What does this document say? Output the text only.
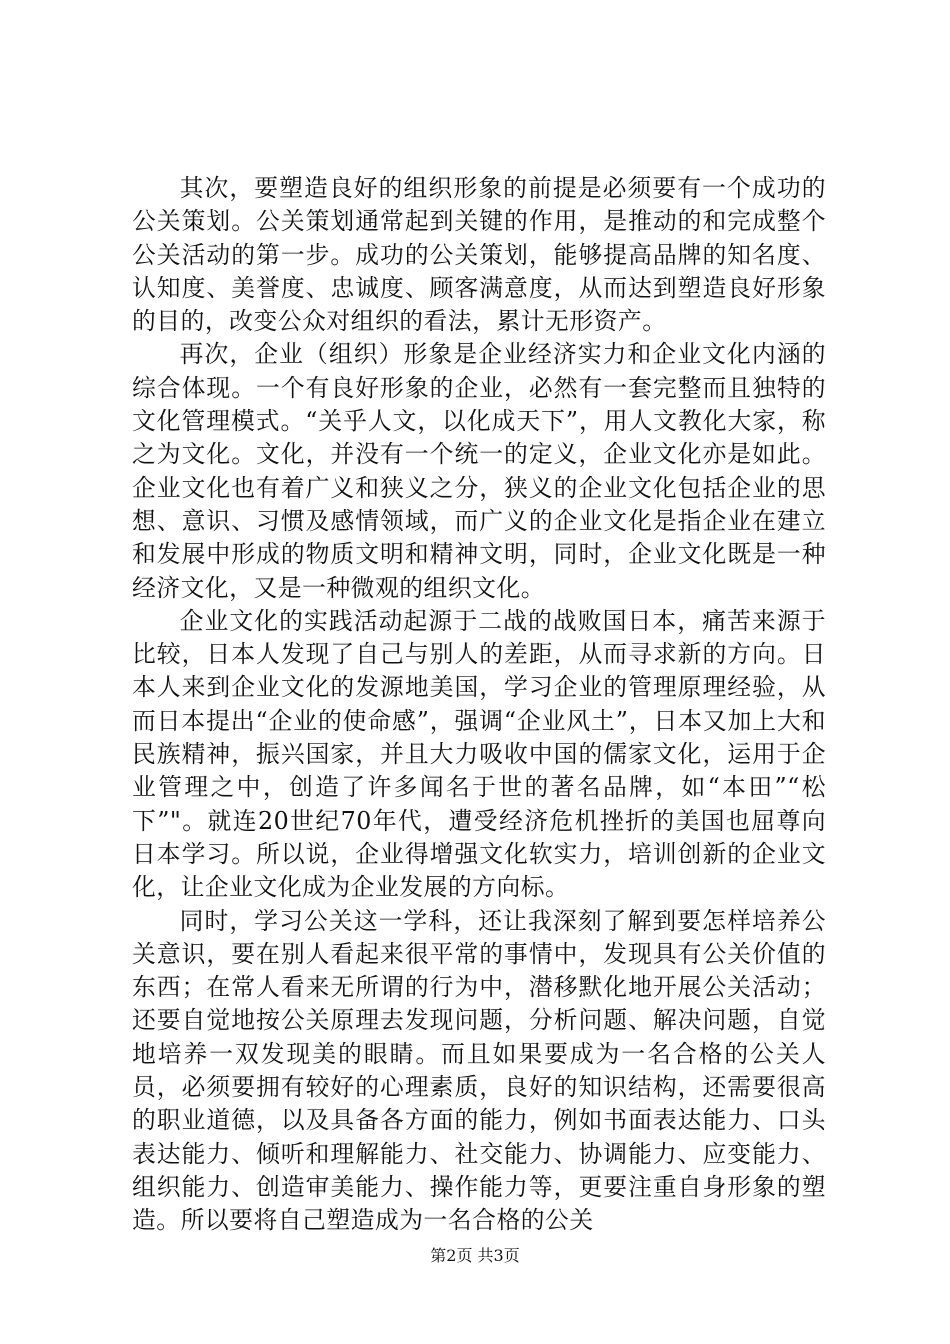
其次，要塑造良好的组织形象的前提是必须要有一个成功的公关策划。公关策划通常起到关键的作用，是推动的和完成整个公关活动的第一步。成功的公关策划，能够提高品牌的知名度、认知度、美誉度、忠诚度、顾客满意度，从而达到塑造良好形象的目的，改变公众对组织的看法，累计无形资产。

再次，企业（组织）形象是企业经济实力和企业文化内涵的综合体现。一个有良好形象的企业，必然有一套完整而且独特的文化管理模式。“关乎人文，以化成天下”，用人文教化大家，称之为文化。文化，并没有一个统一的定义，企业文化亦是如此。企业文化也有着广义和狭义之分，狭义的企业文化包括企业的思想、意识、习惯及感情领域，而广义的企业文化是指企业在建立和发展中形成的物质文明和精神文明，同时，企业文化既是一种经济文化，又是一种微观的组织文化。

企业文化的实践活动起源于二战的战败国日本，痛苦来源于比较，日本人发现了自己与别人的差距，从而寻求新的方向。日本人来到企业文化的发源地美国，学习企业的管理原理经验，从而日本提出“企业的使命感”，强调“企业风土”，日本又加上大和民族精神，振兴国家，并且大力吸收中国的儒家文化，运用于企业管理之中，创造了许多闻名于世的著名品牌，如“本田”“松下”"。就连20世纪70年代，遭受经济危机挫折的美国也屈尊向日本学习。所以说，企业得增强文化软实力，培训创新的企业文化，让企业文化成为企业发展的方向标。

同时，学习公关这一学科，还让我深刻了解到要怎样培养公关意识，要在别人看起来很平常的事情中，发现具有公关价值的东西；在常人看来无所谓的行为中，潜移默化地开展公关活动；还要自觉地按公关原理去发现问题，分析问题、解决问题，自觉地培养一双发现美的眼睛。而且如果要成为一名合格的公关人员，必须要拥有较好的心理素质，良好的知识结构，还需要很高的职业道德，以及具备各方面的能力，例如书面表达能力、口头表达能力、倾听和理解能力、社交能力、协调能力、应变能力、组织能力、创造审美能力、操作能力等，更要注重自身形象的塑造。所以要将自己塑造成为一名合格的公关

第2页 共3页
